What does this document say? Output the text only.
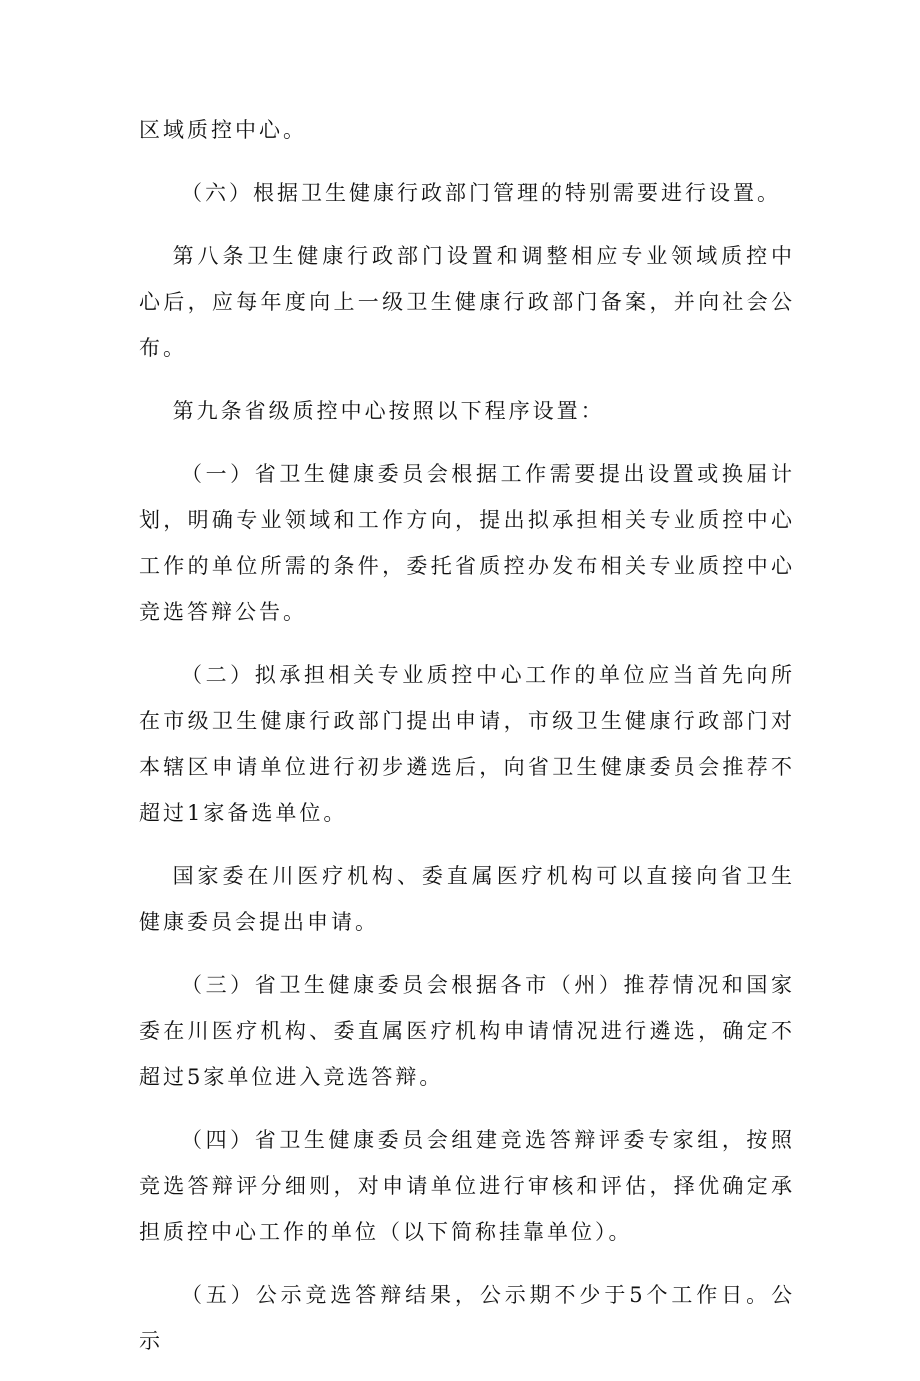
区域质控中心。

（六）根据卫生健康行政部门管理的特别需要进行设置。

第八条卫生健康行政部门设置和调整相应专业领域质控中心后，应每年度向上一级卫生健康行政部门备案，并向社会公布。

第九条省级质控中心按照以下程序设置：

（一）省卫生健康委员会根据工作需要提出设置或换届计划，明确专业领域和工作方向，提出拟承担相关专业质控中心工作的单位所需的条件，委托省质控办发布相关专业质控中心竞选答辩公告。

（二）拟承担相关专业质控中心工作的单位应当首先向所在市级卫生健康行政部门提出申请，市级卫生健康行政部门对本辖区申请单位进行初步遴选后，向省卫生健康委员会推荐不超过1家备选单位。

国家委在川医疗机构、委直属医疗机构可以直接向省卫生健康委员会提出申请。

（三）省卫生健康委员会根据各市（州）推荐情况和国家委在川医疗机构、委直属医疗机构申请情况进行遴选，确定不超过5家单位进入竞选答辩。

（四）省卫生健康委员会组建竞选答辩评委专家组，按照竞选答辩评分细则，对申请单位进行审核和评估，择优确定承担质控中心工作的单位（以下简称挂靠单位）。

（五）公示竞选答辩结果，公示期不少于5个工作日。公示
